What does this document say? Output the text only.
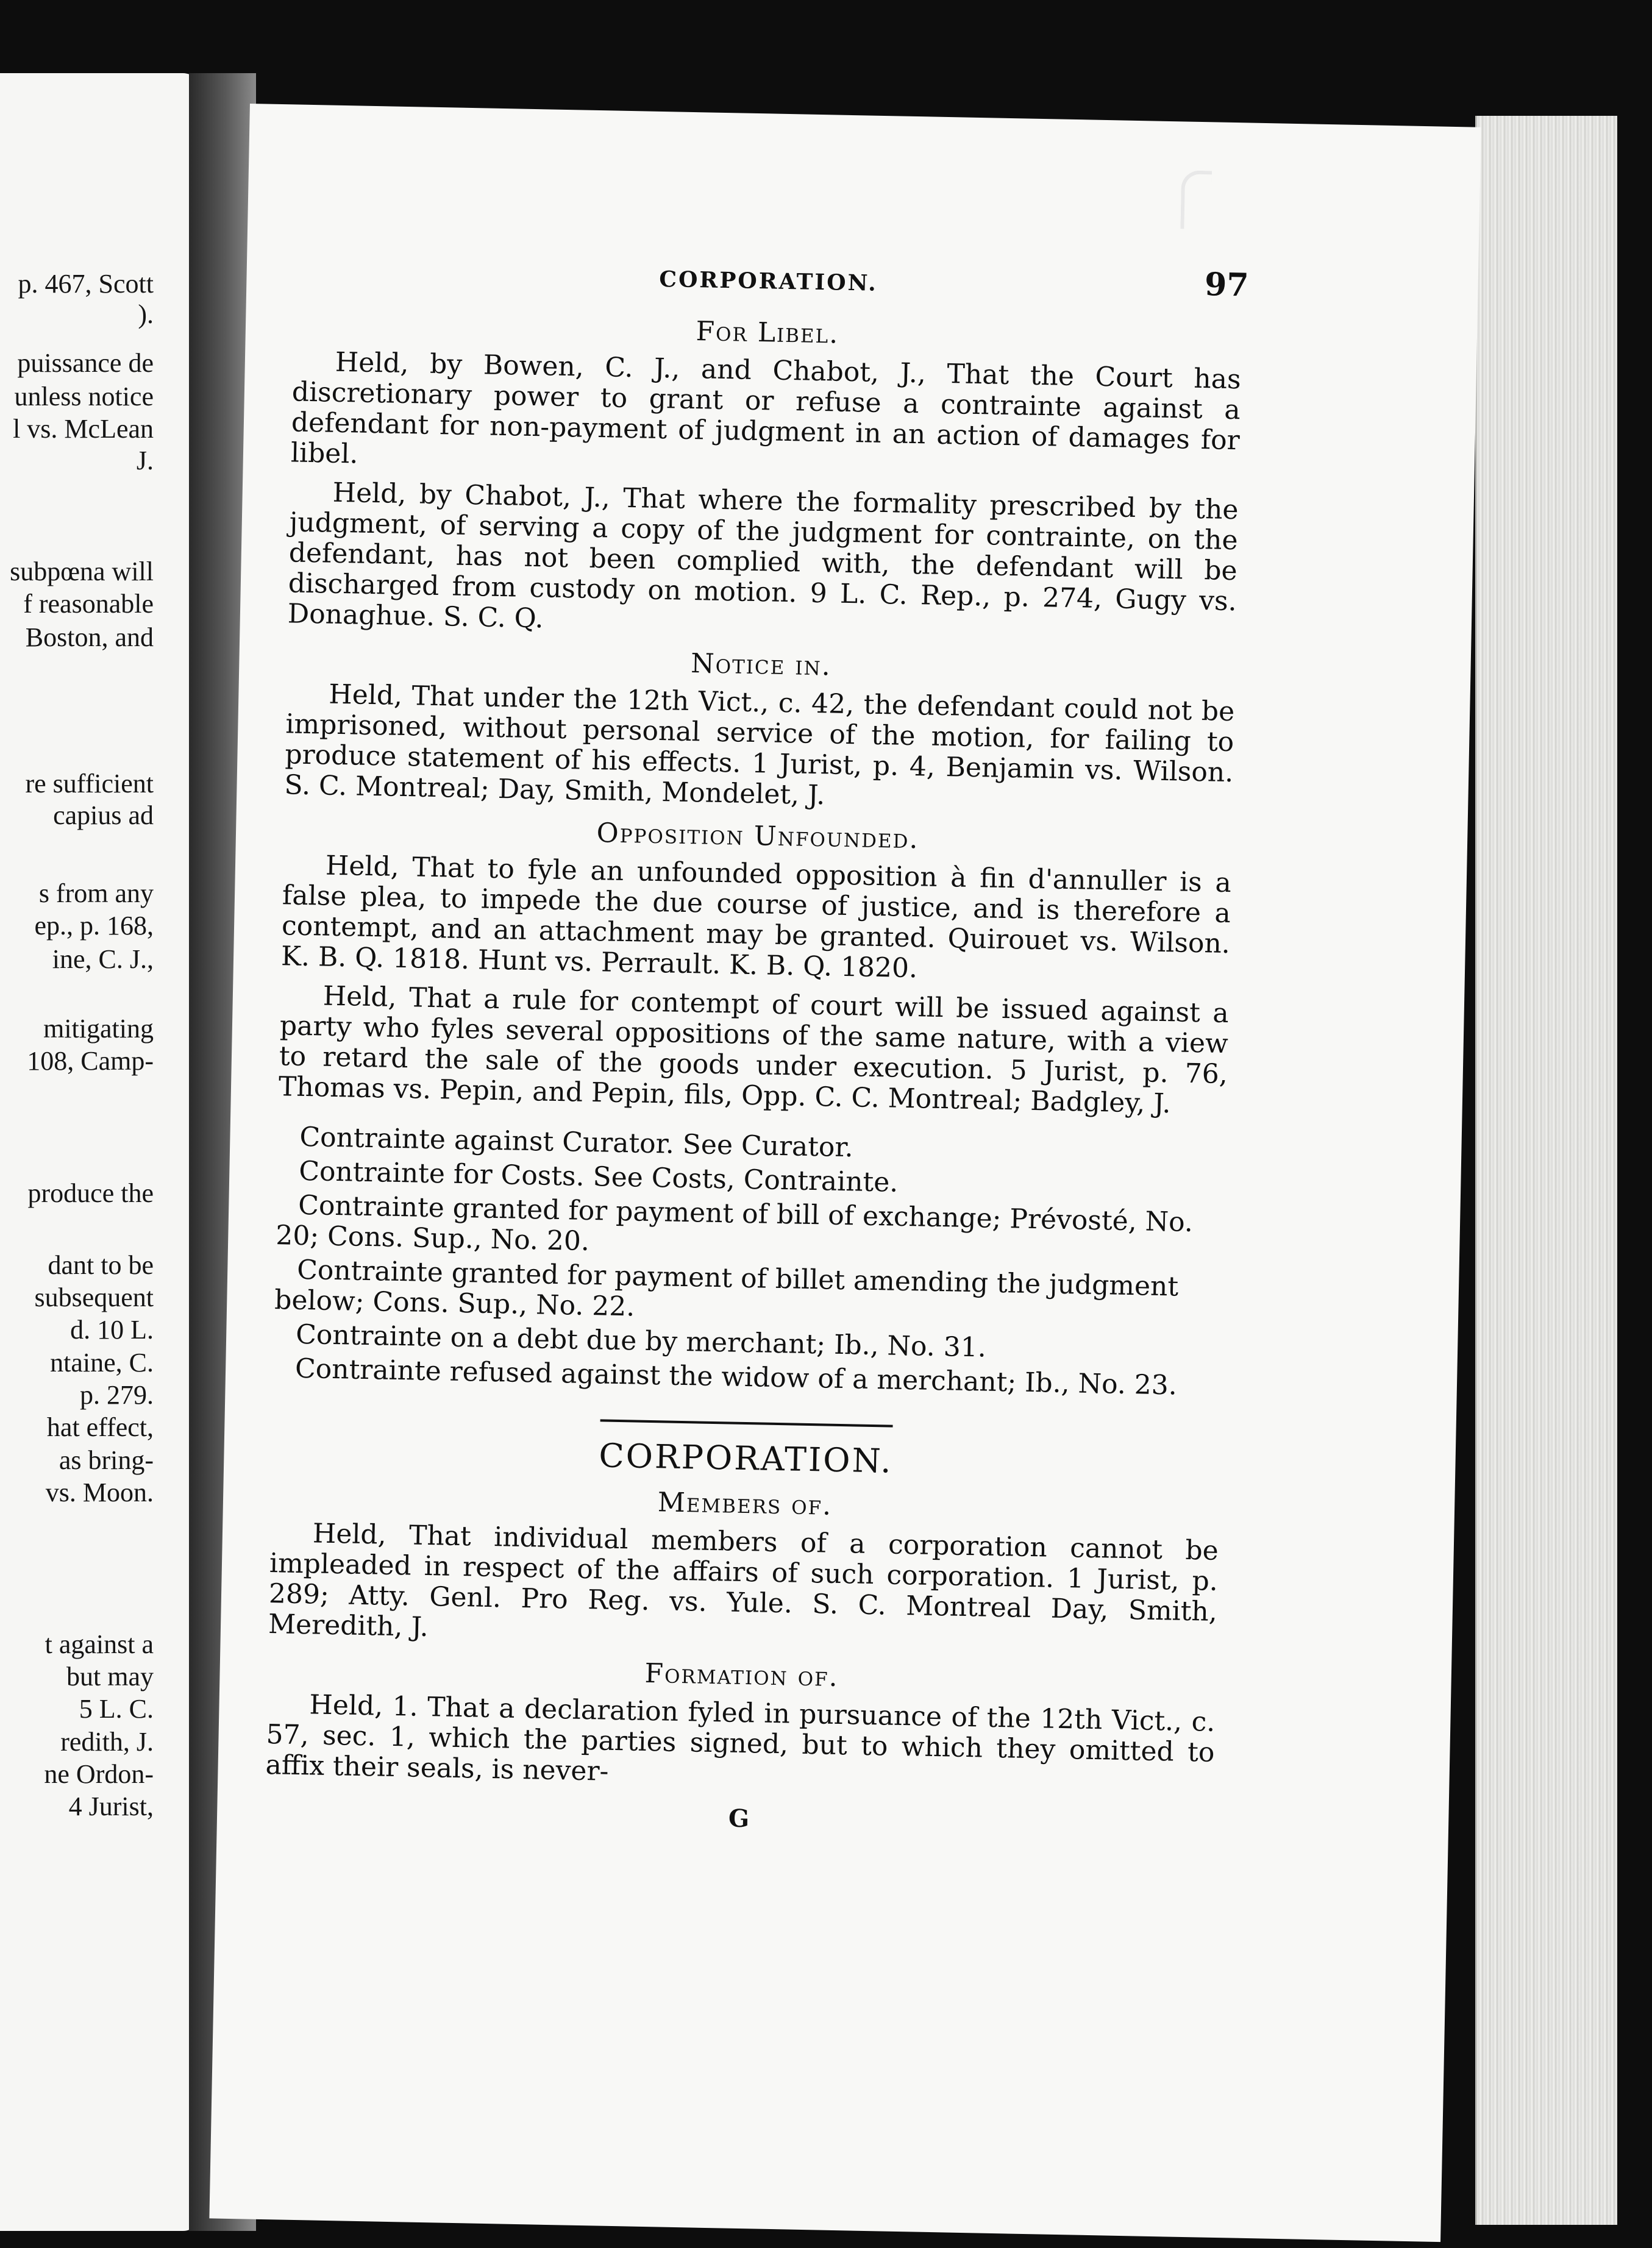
p. 467, Scott
).
puissance de
unless notice
l vs. McLean
J.
subpœna will
f reasonable
Boston, and
re sufficient
capius ad
s from any
ep., p. 168,
ine, C. J.,
mitigating
108, Camp-
produce the
dant to be
subsequent
d. 10 L.
ntaine, C.
p. 279.
hat effect,
as bring-
vs. Moon.
t against a
but may
5 L. C.
redith, J.
ne Ordon-
4 Jurist,
CORPORATION.	97
For Libel.

Held, by Bowen, C. J., and Chabot, J., That the Court has discretionary power to grant or refuse a contrainte against a defendant for non-payment of judgment in an action of damages for libel.

Held, by Chabot, J., That where the formality prescribed by the judgment, of serving a copy of the judgment for contrainte, on the defendant, has not been complied with, the defendant will be discharged from custody on motion. 9 L. C. Rep., p. 274, Gugy vs. Donaghue. S. C. Q.

Notice in.

Held, That under the 12th Vict., c. 42, the defendant could not be imprisoned, without personal service of the motion, for failing to produce statement of his effects. 1 Jurist, p. 4, Benjamin vs. Wilson. S. C. Montreal; Day, Smith, Mondelet, J.

Opposition Unfounded.

Held, That to fyle an unfounded opposition à fin d'annuller is a false plea, to impede the due course of justice, and is therefore a contempt, and an attachment may be granted. Quirouet vs. Wilson. K. B. Q. 1818. Hunt vs. Perrault. K. B. Q. 1820.

Held, That a rule for contempt of court will be issued against a party who fyles several oppositions of the same nature, with a view to retard the sale of the goods under execution. 5 Jurist, p. 76, Thomas vs. Pepin, and Pepin, fils, Opp. C. C. Montreal; Badgley, J.

Contrainte against Curator. See Curator.
Contrainte for Costs. See Costs, Contrainte.
Contrainte granted for payment of bill of exchange; Prévosté, No. 20; Cons. Sup., No. 20.
Contrainte granted for payment of billet amending the judgment below; Cons. Sup., No. 22.
Contrainte on a debt due by merchant; Ib., No. 31.
Contrainte refused against the widow of a merchant; Ib., No. 23.
CORPORATION.
Members of.

Held, That individual members of a corporation cannot be impleaded in respect of the affairs of such corporation. 1 Jurist, p. 289; Atty. Genl. Pro Reg. vs. Yule. S. C. Montreal Day, Smith, Meredith, J.

Formation of.

Held, 1. That a declaration fyled in pursuance of the 12th Vict., c. 57, sec. 1, which the parties signed, but to which they omitted to affix their seals, is never-

G
